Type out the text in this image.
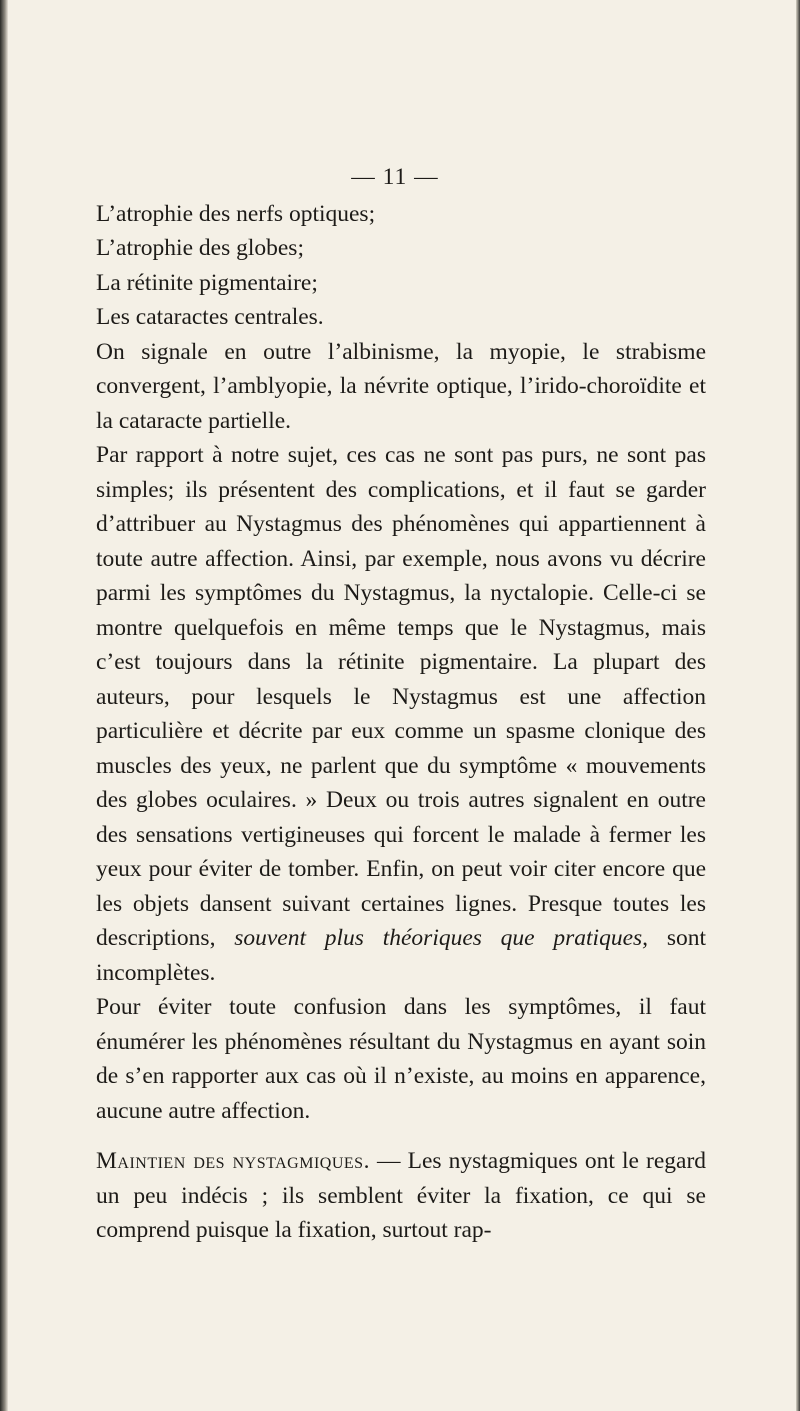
— 11 —
L’atrophie des nerfs optiques;
L’atrophie des globes;
La rétinite pigmentaire;
Les cataractes centrales.

On signale en outre l’albinisme, la myopie, le strabisme convergent, l’amblyopie, la névrite optique, l’irido-choroïdite et la cataracte partielle.

Par rapport à notre sujet, ces cas ne sont pas purs, ne sont pas simples; ils présentent des complications, et il faut se garder d’attribuer au Nystagmus des phénomènes qui appartiennent à toute autre affection. Ainsi, par exemple, nous avons vu décrire parmi les symptômes du Nystagmus, la nyctalopie. Celle-ci se montre quelquefois en même temps que le Nystagmus, mais c’est toujours dans la rétinite pigmentaire. La plupart des auteurs, pour lesquels le Nystagmus est une affection particulière et décrite par eux comme un spasme clonique des muscles des yeux, ne parlent que du symptôme « mouvements des globes oculaires. » Deux ou trois autres signalent en outre des sensations vertigineuses qui forcent le malade à fermer les yeux pour éviter de tomber. Enfin, on peut voir citer encore que les objets dansent suivant certaines lignes. Presque toutes les descriptions, souvent plus théoriques que pratiques, sont incomplètes.

Pour éviter toute confusion dans les symptômes, il faut énumérer les phénomènes résultant du Nystagmus en ayant soin de s’en rapporter aux cas où il n’existe, au moins en apparence, aucune autre affection.

Maintien des nystagmiques. — Les nystagmiques ont le regard un peu indécis ; ils semblent éviter la fixation, ce qui se comprend puisque la fixation, surtout rap-
